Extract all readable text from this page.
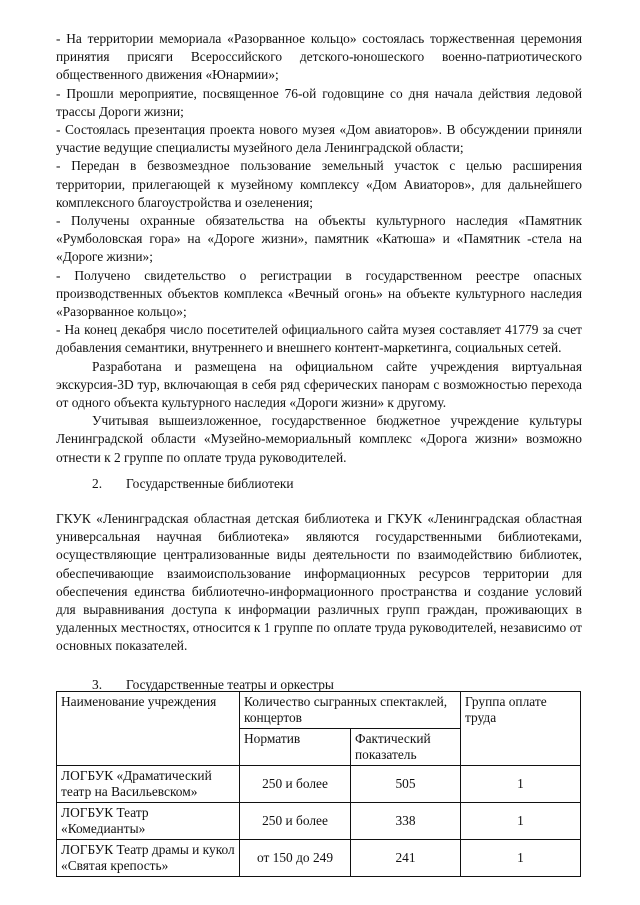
- На территории мемориала «Разорванное кольцо» состоялась торжественная церемония принятия присяги Всероссийского детского-юношеского военно-патриотического общественного движения «Юнармии»;

- Прошли мероприятие, посвященное 76-ой годовщине со дня начала действия ледовой трассы Дороги жизни;

- Состоялась презентация проекта нового музея «Дом авиаторов». В обсуждении приняли участие ведущие специалисты музейного дела Ленинградской области;

- Передан в безвозмездное пользование земельный участок с целью расширения территории, прилегающей к музейному комплексу «Дом Авиаторов», для дальнейшего комплексного благоустройства и озеленения;

- Получены охранные обязательства на объекты культурного наследия «Памятник «Румболовская гора» на «Дороге жизни», памятник «Катюша» и «Памятник -стела на «Дороге жизни»;

- Получено свидетельство о регистрации в государственном реестре опасных производственных объектов комплекса «Вечный огонь» на объекте культурного наследия «Разорванное кольцо»;

- На конец декабря число посетителей официального сайта музея составляет 41779 за счет добавления семантики, внутреннего и внешнего контент-маркетинга, социальных сетей.

Разработана и размещена на официальном сайте учреждения виртуальная экскурсия-3D тур, включающая в себя ряд сферических панорам с возможностью перехода от одного объекта культурного наследия «Дороги жизни» к другому.

Учитывая вышеизложенное, государственное бюджетное учреждение культуры Ленинградской области «Музейно-мемориальный комплекс «Дорога жизни» возможно отнести к 2 группе по оплате труда руководителей.

2. Государственные библиотеки

ГКУК «Ленинградская областная детская библиотека и ГКУК «Ленинградская областная универсальная научная библиотека» являются государственными библиотеками, осуществляющие централизованные виды деятельности по взаимодействию библиотек, обеспечивающие взаимоиспользование информационных ресурсов территории для обеспечения единства библиотечно-информационного пространства и создание условий для выравнивания доступа к информации различных групп граждан, проживающих в удаленных местностях, относится к 1 группе по оплате труда руководителей, независимо от основных показателей.

3. Государственные театры и оркестры

Наименование учреждения	Количество сыгранных спектаклей, концертов		Группа оплате труда
	Норматив	Фактический показатель	
ЛОГБУК «Драматический театр на Васильевском»	250 и более	505	1
ЛОГБУК Театр «Комедианты»	250 и более	338	1
ЛОГБУК Театр драмы и кукол «Святая крепость»	от 150 до 249	241	1
